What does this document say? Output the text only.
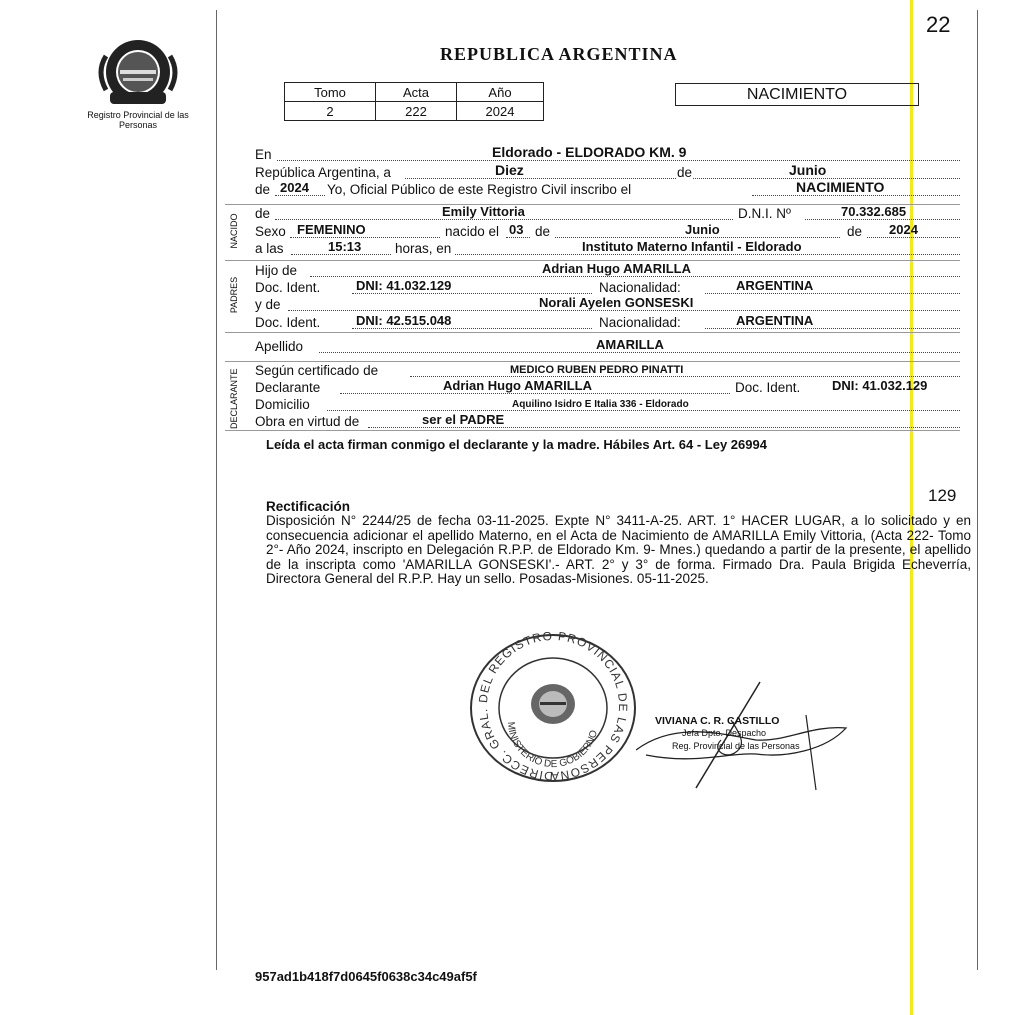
22
Registro Provincial de las Personas
REPUBLICA ARGENTINA
Tomo	Acta	Año
2	222	2024
NACIMIENTO
NACIDO
PADRES
DECLARANTE
En	Eldorado - ELDORADO KM. 9
República Argentina, a	Diez	de	Junio
de 2024 Yo, Oficial Público de este Registro Civil inscribo el	NACIMIENTO
de	Emily Vittoria	D.N.I. Nº	70.332.685
Sexo FEMENINO	nacido el 03 de	Junio	de 2024
a las	15:13	horas, en	Instituto Materno Infantil - Eldorado
Hijo de	Adrian Hugo AMARILLA
Doc. Ident.	DNI: 41.032.129	Nacionalidad:	ARGENTINA
y de	Norali Ayelen GONSESKI
Doc. Ident.	DNI: 42.515.048	Nacionalidad:	ARGENTINA
Apellido	AMARILLA
Según certificado de	MEDICO RUBEN PEDRO PINATTI
Declarante	Adrian Hugo AMARILLA	Doc. Ident. DNI: 41.032.129
Domicilio	Aquilino Isidro E Italia 336 - Eldorado
Obra en virtud de	ser el PADRE
Leída el acta firman conmigo el declarante y la madre. Hábiles Art. 64 - Ley 26994
129
Rectificación
Disposición N° 2244/25 de fecha 03-11-2025. Expte N° 3411-A-25. ART. 1° HACER LUGAR, a lo solicitado y en consecuencia adicionar el apellido Materno, en el Acta de Nacimiento de AMARILLA Emily Vittoria, (Acta 222- Tomo 2°- Año 2024, inscripto en Delegación R.P.P. de Eldorado Km. 9- Mnes.) quedando a partir de la presente, el apellido de la inscripta como 'AMARILLA GONSESKI'.- ART. 2° y 3° de forma. Firmado Dra. Paula Brigida Echeverría, Directora General del R.P.P. Hay un sello. Posadas-Misiones. 05-11-2025.
DIRECC. GRAL. DEL REGISTRO PROVINCIAL DE LAS PERSONA
MINISTERIO DE GOBIERNO
VIVIANA C. R. CASTILLO
Jefa Dpto. Despacho
Reg. Provincial de las Personas
957ad1b418f7d0645f0638c34c49af5f
